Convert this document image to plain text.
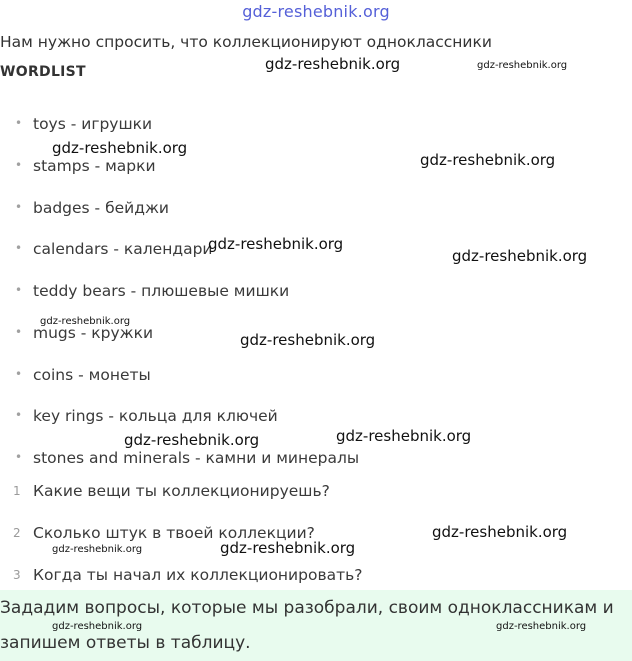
gdz-reshebnik.org
Нам нужно спросить, что коллекционируют одноклассники
WORDLIST
• toys - игрушки
• stamps - марки
• badges - бейджи
• calendars - календари
• teddy bears - плюшевые мишки
• mugs - кружки
• coins - монеты
• key rings - кольца для ключей
• stones and minerals - камни и минералы
1 Какие вещи ты коллекционируешь?
2 Сколько штук в твоей коллекции?
3 Когда ты начал их коллекционировать?
Зададим вопросы, которые мы разобрали, своим одноклассникам и
запишем ответы в таблицу.
gdz-reshebnik.org	gdz-reshebnik.org
gdz-reshebnik.org
gdz-reshebnik.org
gdz-reshebnik.org
gdz-reshebnik.org
gdz-reshebnik.org
gdz-reshebnik.org
gdz-reshebnik.org	gdz-reshebnik.org
gdz-reshebnik.org
gdz-reshebnik.org	gdz-reshebnik.org
gdz-reshebnik.org	gdz-reshebnik.org
